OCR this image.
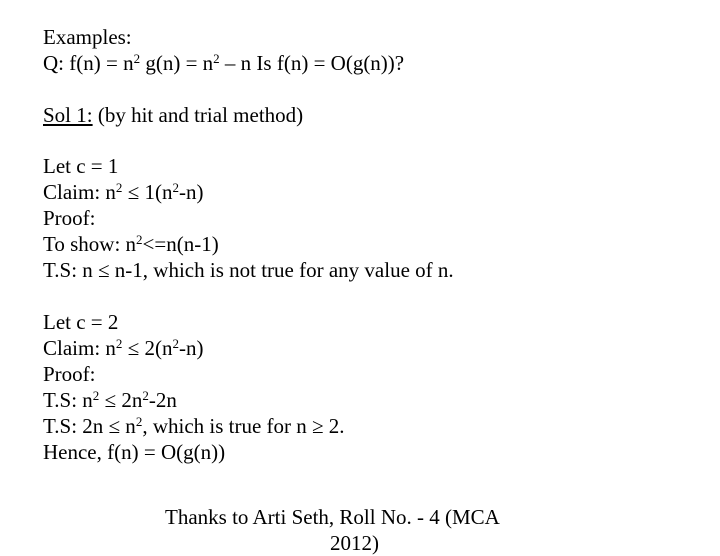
Examples:
Q: $f(n) = n^2$ $g(n) = n^2 - n$ Is f(n) = O(g(n))?
Sol 1: (by hit and trial method)
Let c = 1
Claim: $n^2 \le 1(n^2-n)$
Proof:
To show: $n^2<=n(n-1)$
T.S: n ≤ n-1, which is not true for any value of n.
Let c = 2
Claim: $n^2 \le 2(n^2-n)$
Proof:
T.S: $n^2 \le 2n^2-2n$
T.S: $2n \le n^2$, which is true for n ≥ 2.
Hence, f(n) = O(g(n))
Thanks to Arti Seth, Roll No. - 4 (MCA
2012)
